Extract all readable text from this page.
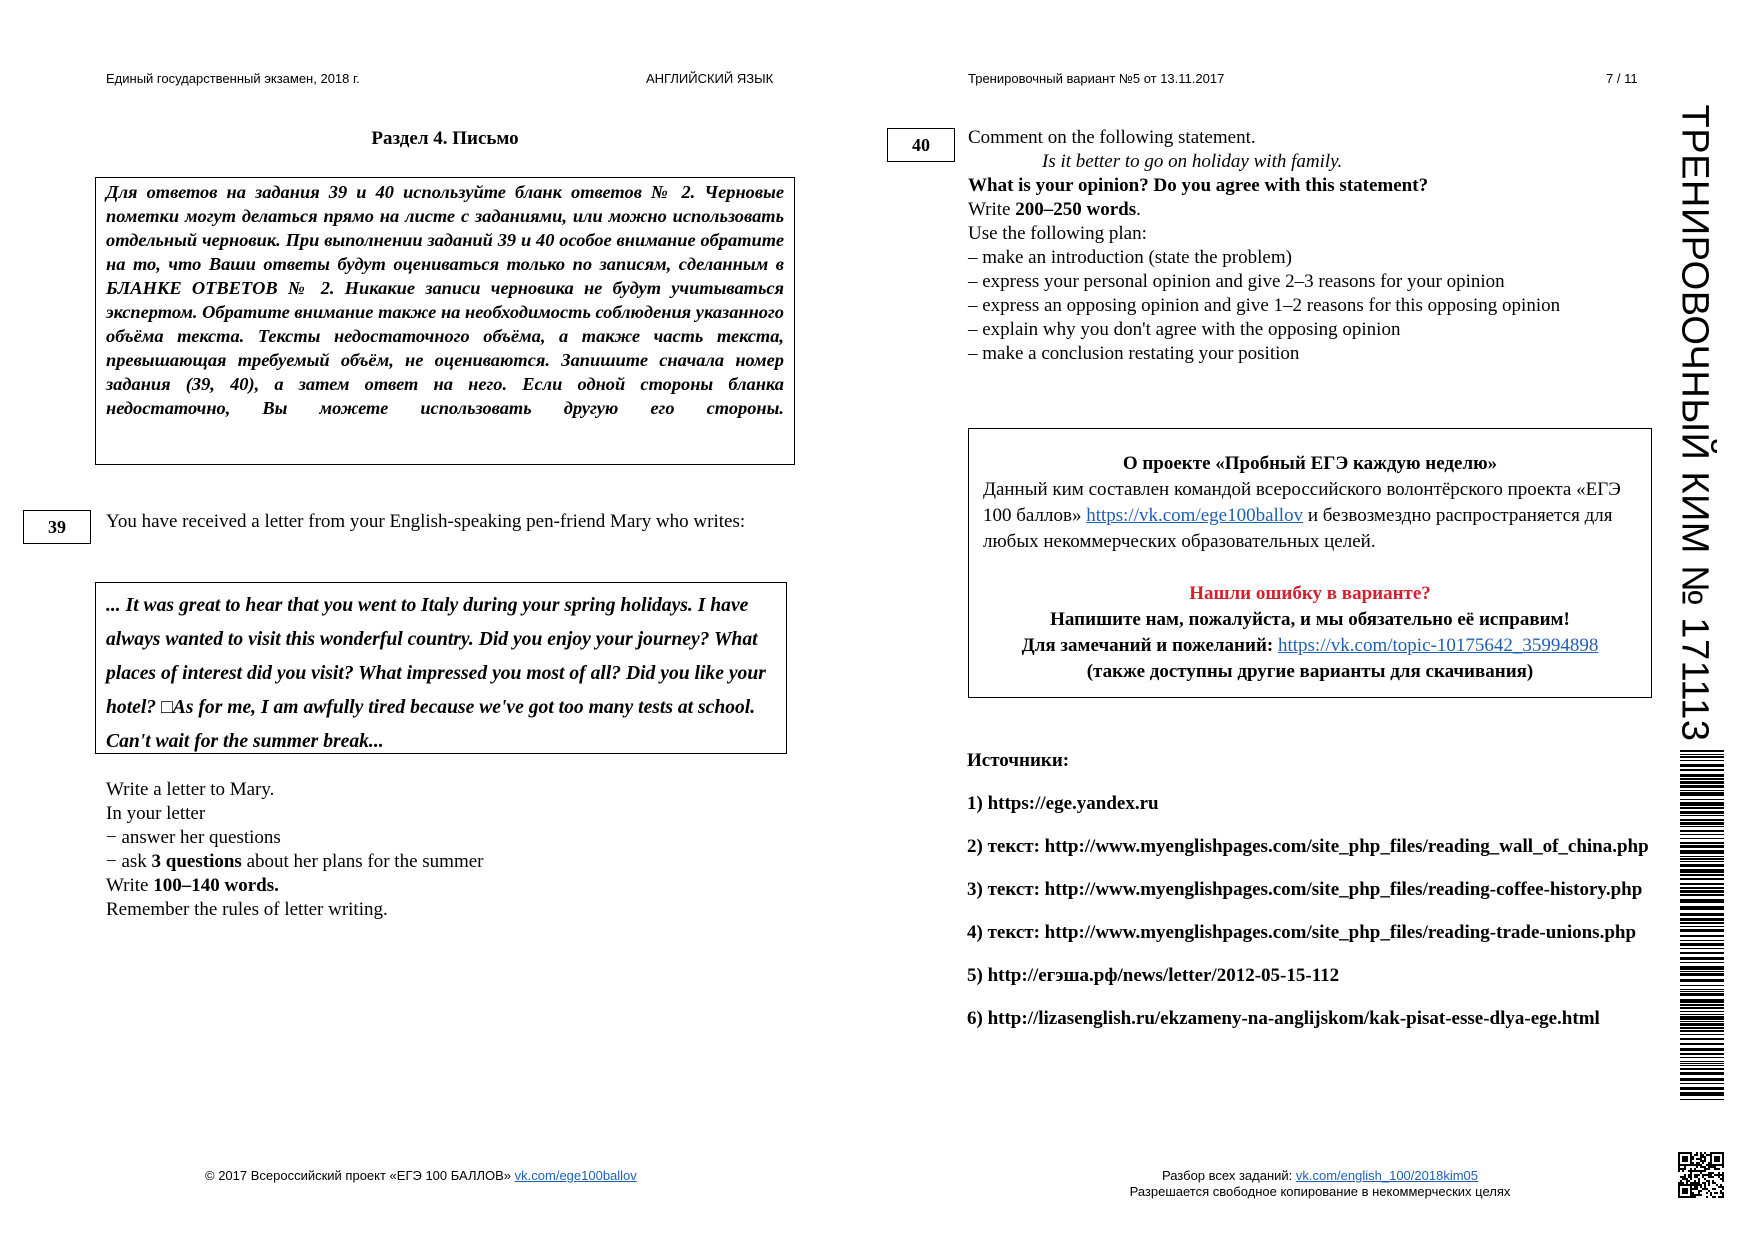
Единый государственный экзамен, 2018 г.	АНГЛИЙСКИЙ ЯЗЫК	Тренировочный вариант №5 от 13.11.2017	7 / 11
Раздел 4. Письмо
Для ответов на задания 39 и 40 используйте бланк ответов № 2. Черновые пометки могут делаться прямо на листе с заданиями, или можно использовать отдельный черновик. При выполнении заданий 39 и 40 особое внимание обратите на то, что Ваши ответы будут оцениваться только по записям, сделанным в БЛАНКЕ ОТВЕТОВ № 2. Никакие записи черновика не будут учитываться экспертом. Обратите внимание также на необходимость соблюдения указанного объёма текста. Тексты недостаточного объёма, а также часть текста, превышающая требуемый объём, не оцениваются. Запишите сначала номер задания (39, 40), а затем ответ на него. Если одной стороны бланка недостаточно, Вы можете использовать другую его стороны.
39	You have received a letter from your English-speaking pen-friend Mary who writes:
... It was great to hear that you went to Italy during your spring holidays. I have always wanted to visit this wonderful country. Did you enjoy your journey? What places of interest did you visit? What impressed you most of all? Did you like your hotel? □As for me, I am awfully tired because we've got too many tests at school. Can't wait for the summer break...
Write a letter to Mary.
In your letter
− answer her questions
− ask 3 questions about her plans for the summer
Write 100–140 words.
Remember the rules of letter writing.
40	Comment on the following statement.
Is it better to go on holiday with family.
What is your opinion? Do you agree with this statement?
Write 200–250 words.
Use the following plan:
– make an introduction (state the problem)
– express your personal opinion and give 2–3 reasons for your opinion
– express an opposing opinion and give 1–2 reasons for this opposing opinion
– explain why you don't agree with the opposing opinion
– make a conclusion restating your position
О проекте «Пробный ЕГЭ каждую неделю»
Данный ким составлен командой всероссийского волонтёрского проекта «ЕГЭ 100 баллов» https://vk.com/ege100ballov и безвозмездно распространяется для любых некоммерческих образовательных целей.
Нашли ошибку в варианте?
Напишите нам, пожалуйста, и мы обязательно её исправим!
Для замечаний и пожеланий: https://vk.com/topic-10175642_35994898
(также доступны другие варианты для скачивания)

Источники:

1) https://ege.yandex.ru

2) текст: http://www.myenglishpages.com/site_php_files/reading_wall_of_china.php

3) текст: http://www.myenglishpages.com/site_php_files/reading-coffee-history.php

4) текст: http://www.myenglishpages.com/site_php_files/reading-trade-unions.php

5) http://егэша.рф/news/letter/2012-05-15-112

6) http://lizasenglish.ru/ekzameny-na-anglijskom/kak-pisat-esse-dlya-ege.html

ТРЕНИРОВОЧНЫЙ КИМ № 171113
© 2017 Всероссийский проект «ЕГЭ 100 БАЛЛОВ» vk.com/ege100ballov	Разбор всех заданий: vk.com/english_100/2018kim05
Разрешается свободное копирование в некоммерческих целях
